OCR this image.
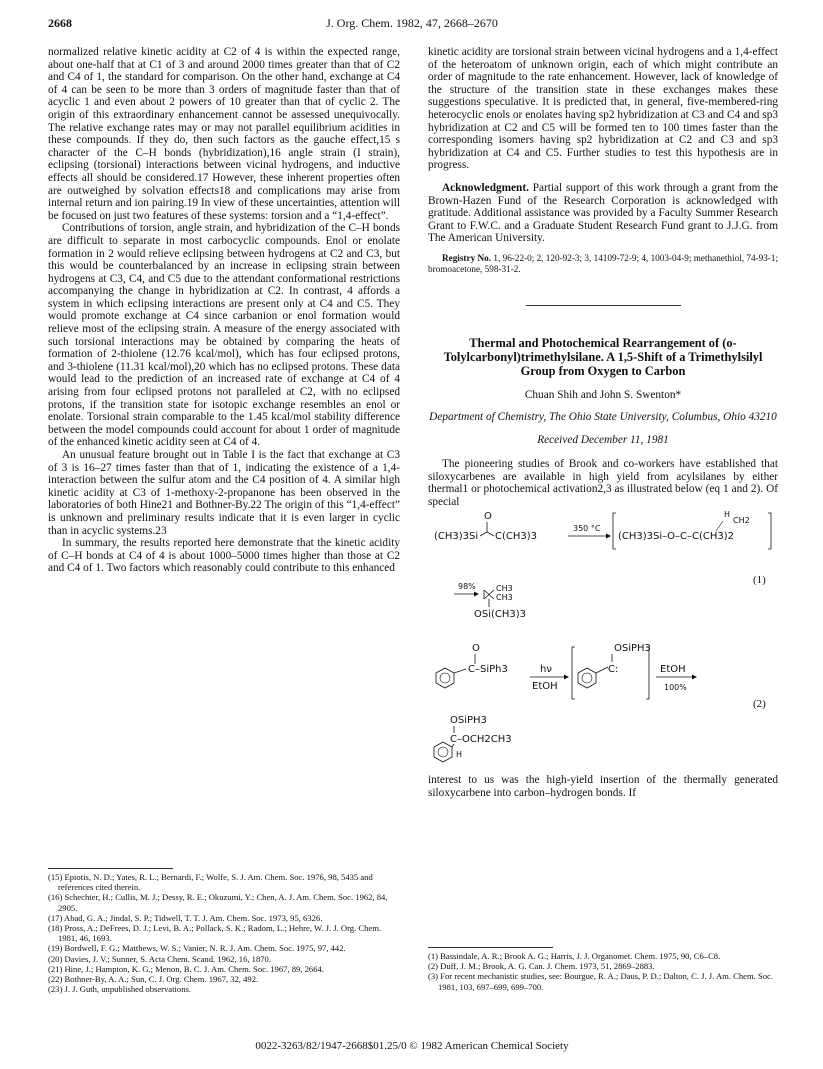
2668	J. Org. Chem. 1982, 47, 2668–2670

normalized relative kinetic acidity at C2 of 4 is within the expected range, about one-half that at C1 of 3 and around 2000 times greater than that of C2 and C4 of 1, the standard for comparison. On the other hand, exchange at C4 of 4 can be seen to be more than 3 orders of magnitude faster than that of acyclic 1 and even about 2 powers of 10 greater than that of cyclic 2. The origin of this extraordinary enhancement cannot be assessed unequivocally. The relative exchange rates may or may not parallel equilibrium acidities in these compounds. If they do, then such factors as the gauche effect,15 s character of the C–H bonds (hybridization),16 angle strain (I strain), eclipsing (torsional) interactions between vicinal hydrogens, and inductive effects all should be considered.17 However, these inherent properties often are outweighed by solvation effects18 and complications may arise from internal return and ion pairing.19 In view of these uncertainties, attention will be focused on just two features of these systems: torsion and a “1,4-effect”.

Contributions of torsion, angle strain, and hybridization of the C–H bonds are difficult to separate in most carbocyclic compounds. Enol or enolate formation in 2 would relieve eclipsing between hydrogens at C2 and C3, but this would be counterbalanced by an increase in eclipsing strain between hydrogens at C3, C4, and C5 due to the attendant conformational restrictions accompanying the change in hybridization at C2. In contrast, 4 affords a system in which eclipsing interactions are present only at C4 and C5. They would promote exchange at C4 since carbanion or enol formation would relieve most of the eclipsing strain. A measure of the energy associated with such torsional interactions may be obtained by comparing the heats of formation of 2-thiolene (12.76 kcal/mol), which has four eclipsed protons, and 3-thiolene (11.31 kcal/mol),20 which has no eclipsed protons. These data would lead to the prediction of an increased rate of exchange at C4 of 4 arising from four eclipsed protons not paralleled at C2, with no eclipsed protons, if the transition state for isotopic exchange resembles an enol or enolate. Torsional strain comparable to the 1.45 kcal/mol stability difference between the model compounds could account for about 1 order of magnitude of the enhanced kinetic acidity seen at C4 of 4.

An unusual feature brought out in Table I is the fact that exchange at C3 of 3 is 16–27 times faster than that of 1, indicating the existence of a 1,4-interaction between the sulfur atom and the C4 position of 4. A similar high kinetic acidity at C3 of 1-methoxy-2-propanone has been observed in the laboratories of both Hine21 and Bothner-By.22 The origin of this “1,4-effect” is unknown and preliminary results indicate that it is even larger in cyclic than in acyclic systems.23

In summary, the results reported here demonstrate that the kinetic acidity of C–H bonds at C4 of 4 is about 1000–5000 times higher than those at C2 and C4 of 1. Two factors which reasonably could contribute to this enhanced

(15) Epiotis, N. D.; Yates, R. L.; Bernardi, F.; Wolfe, S. J. Am. Chem. Soc. 1976, 98, 5435 and references cited therein.
(16) Schechter, H.; Cullis, M. J.; Dessy, R. E.; Okuzumi, Y.; Chen, A. J. Am. Chem. Soc. 1962, 84, 2905.
(17) Abad, G. A.; Jindal, S. P.; Tidwell, T. T. J. Am. Chem. Soc. 1973, 95, 6326.
(18) Pross, A.; DeFrees, D. J.; Levi, B. A.; Pollack, S. K.; Radom, L.; Hehre, W. J. J. Org. Chem. 1981, 46, 1693.
(19) Bordwell, F. G.; Matthews, W. S.; Vanier, N. R. J. Am. Chem. Soc. 1975, 97, 442.
(20) Davies, J. V.; Sunner, S. Acta Chem. Scand. 1962, 16, 1870.
(21) Hine, J.; Hampton, K. G.; Menon, B. C. J. Am. Chem. Soc. 1967, 89, 2664.
(22) Bothner-By, A. A.; Sun, C. J. Org. Chem. 1967, 32, 492.
(23) J. J. Guth, unpublished observations.

kinetic acidity are torsional strain between vicinal hydrogens and a 1,4-effect of the heteroatom of unknown origin, each of which might contribute an order of magnitude to the rate enhancement. However, lack of knowledge of the structure of the transition state in these exchanges makes these suggestions speculative. It is predicted that, in general, five-membered-ring heterocyclic enols or enolates having sp2 hybridization at C3 and C4 and sp3 hybridization at C2 and C5 will be formed ten to 100 times faster than the corresponding isomers having sp2 hybridization at C2 and C3 and sp3 hybridization at C4 and C5. Further studies to test this hypothesis are in progress.

Acknowledgment. Partial support of this work through a grant from the Brown-Hazen Fund of the Research Corporation is acknowledged with gratitude. Additional assistance was provided by a Faculty Summer Research Grant to F.W.C. and a Graduate Student Research Fund grant to J.J.G. from The American University.

Registry No. 1, 96-22-0; 2, 120-92-3; 3, 14109-72-9; 4, 1003-04-9; methanethiol, 74-93-1; bromoacetone, 598-31-2.

Thermal and Photochemical Rearrangement of (o-Tolylcarbonyl)trimethylsilane. A 1,5-Shift of a Trimethylsilyl Group from Oxygen to Carbon
Chuan Shih and John S. Swenton*
Department of Chemistry, The Ohio State University, Columbus, Ohio 43210
Received December 11, 1981

The pioneering studies of Brook and co-workers have established that siloxycarbenes are available in high yield from acylsilanes by either thermal1 or photochemical activation2,3 as illustrated below (eq 1 and 2). Of special

(CH3)3Si
O
C(CH3)3
350 °C
H
CH2
(CH3)3Si–O–C–C(CH3)2
(1)
98%	CH3
CH3
OSi(CH3)3
O
C–SiPh3	hν
EtOH
OSiPH3
C:	EtOH
100%
(2)
OSiPH3
C–OCH2CH3
H

interest to us was the high-yield insertion of the thermally generated siloxycarbene into carbon–hydrogen bonds. If

(1) Bassindale, A. R.; Brook A. G.; Harris, J. J. Organomet. Chem. 1975, 90, C6–C8.
(2) Duff, J. M.; Brook, A. G. Can. J. Chem. 1973, 51, 2869–2883.
(3) For recent mechanistic studies, see: Bourgue, R. A.; Daus, P. D.; Dalton, C. J. J. Am. Chem. Soc. 1981, 103, 697–699, 699–700.
0022-3263/82/1947-2668$01.25/0 © 1982 American Chemical Society
